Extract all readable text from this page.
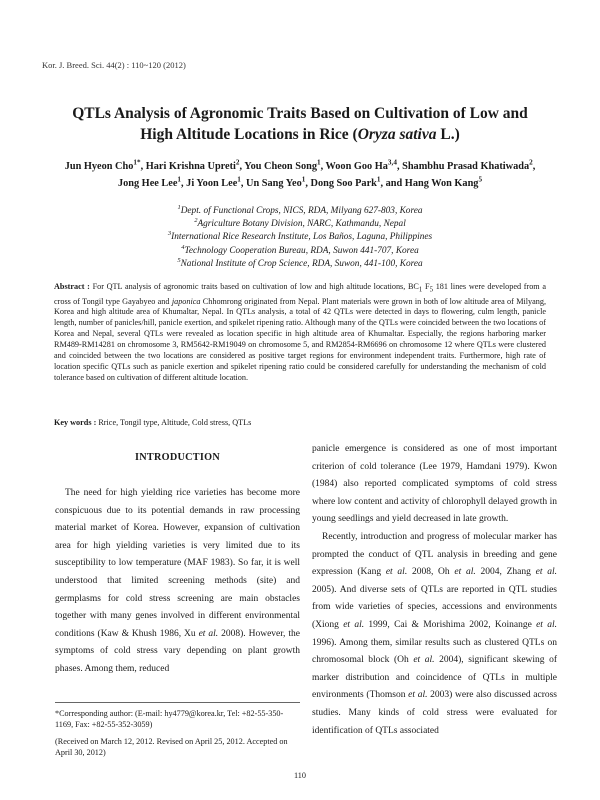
Kor. J. Breed. Sci. 44(2) : 110~120 (2012)
QTLs Analysis of Agronomic Traits Based on Cultivation of Low and
High Altitude Locations in Rice (Oryza sativa L.)
Jun Hyeon Cho$^{1*}$, Hari Krishna Upreti$^2$, You Cheon Song$^1$, Woon Goo Ha$^{3,4}$, Shambhu Prasad Khatiwada$^2$,
Jong Hee Lee$^1$, Ji Yoon Lee$^1$, Un Sang Yeo$^1$, Dong Soo Park$^1$, and Hang Won Kang$^5$
$^1$Dept. of Functional Crops, NICS, RDA, Milyang 627-803, Korea
$^2$Agriculture Botany Division, NARC, Kathmandu, Nepal
$^3$International Rice Research Institute, Los Baños, Laguna, Philippines
$^4$Technology Cooperation Bureau, RDA, Suwon 441-707, Korea
$^5$National Institute of Crop Science, RDA, Suwon, 441-100, Korea
Abstract : For QTL analysis of agronomic traits based on cultivation of low and high altitude locations, $BC_1$ $F_5$ 181 lines were developed from a cross of Tongil type Gayabyeo and japonica Chhomrong originated from Nepal. Plant materials were grown in both of low altitude area of Milyang, Korea and high altitude area of Khumaltar, Nepal. In QTLs analysis, a total of 42 QTLs were detected in days to flowering, culm length, panicle length, number of panicles/hill, panicle exertion, and spikelet ripening ratio. Although many of the QTLs were coincided between the two locations of Korea and Nepal, several QTLs were revealed as location specific in high altitude area of Khumaltar. Especially, the regions harboring marker RM489-RM14281 on chromosome 3, RM5642-RM19049 on chromosome 5, and RM2854-RM6696 on chromosome 12 where QTLs were clustered and coincided between the two locations are considered as positive target regions for environment independent traits. Furthermore, high rate of location specific QTLs such as panicle exertion and spikelet ripening ratio could be considered carefully for understanding the mechanism of cold tolerance based on cultivation of different altitude location.
Key words : Rrice, Tongil type, Altitude, Cold stress, QTLs
INTRODUCTION

The need for high yielding rice varieties has become more conspicuous due to its potential demands in raw processing material market of Korea. However, expansion of cultivation area for high yielding varieties is very limited due to its susceptibility to low temperature (MAF 1983). So far, it is well understood that limited screening methods (site) and germplasms for cold stress screening are main obstacles together with many genes involved in different environmental conditions (Kaw & Khush 1986, Xu et al. 2008). However, the symptoms of cold stress vary depending on plant growth phases. Among them, reduced

panicle emergence is considered as one of most important criterion of cold tolerance (Lee 1979, Hamdani 1979). Kwon (1984) also reported complicated symptoms of cold stress where low content and activity of chlorophyll delayed growth in young seedlings and yield decreased in late growth.

Recently, introduction and progress of molecular marker has prompted the conduct of QTL analysis in breeding and gene expression (Kang et al. 2008, Oh et al. 2004, Zhang et al. 2005). And diverse sets of QTLs are reported in QTL studies from wide varieties of species, accessions and environments (Xiong et al. 1999, Cai & Morishima 2002, Koinange et al. 1996). Among them, similar results such as clustered QTLs on chromosomal block (Oh et al. 2004), significant skewing of marker distribution and coincidence of QTLs in multiple environments (Thomson et al. 2003) were also discussed across studies. Many kinds of cold stress were evaluated for identification of QTLs associated

*Corresponding author: (E-mail: hy4779@korea.kr, Tel: +82-55-350-1169, Fax: +82-55-352-3059)

(Received on March 12, 2012. Revised on April 25, 2012. Accepted on April 30, 2012)

110
